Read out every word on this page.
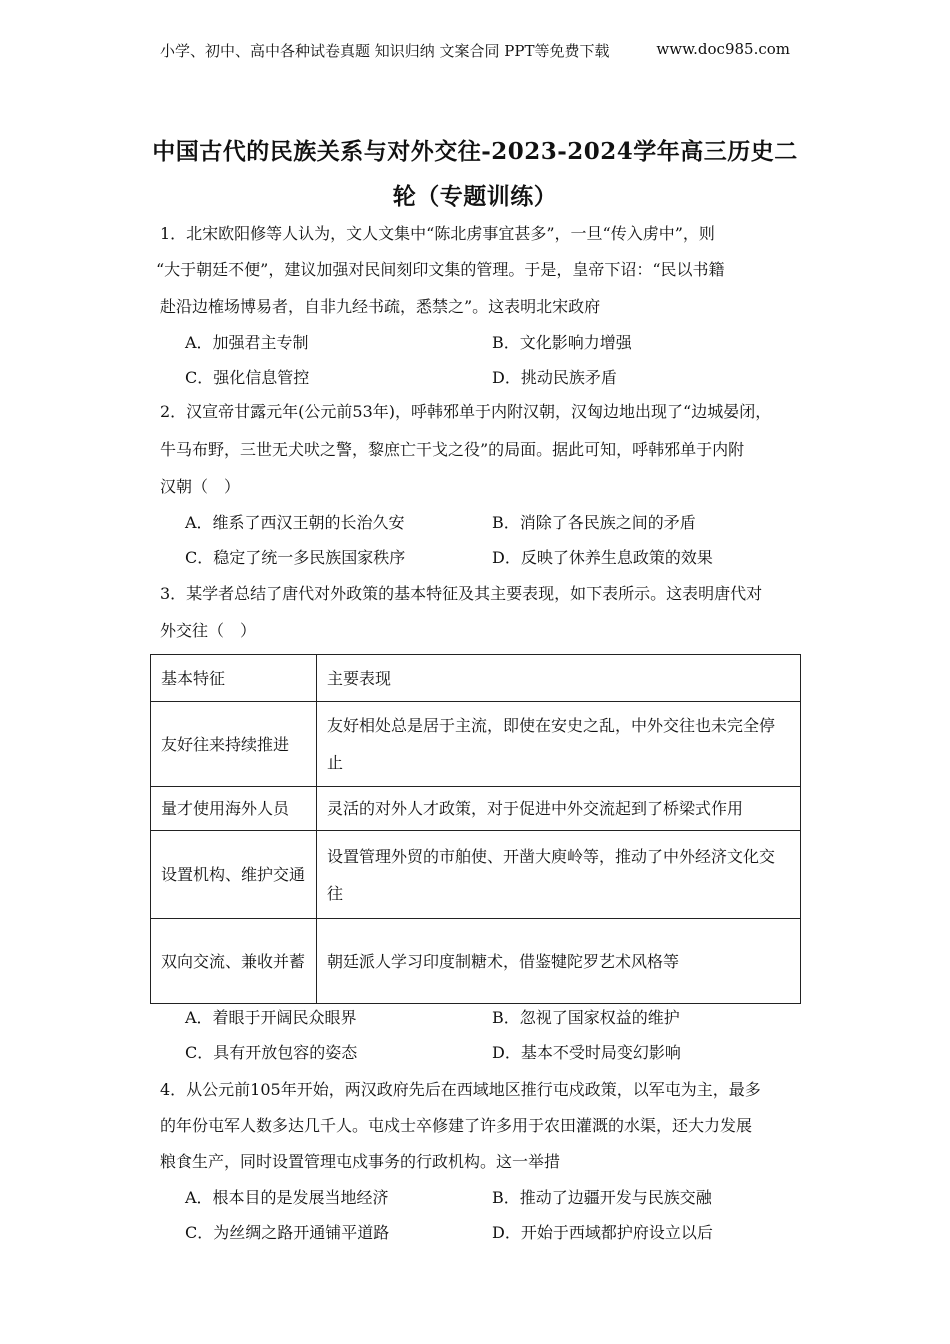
小学、初中、高中各种试卷真题 知识归纳 文案合同 PPT等免费下载	www.doc985.com
中国古代的民族关系与对外交往-2023-2024学年高三历史二
轮（专题训练）
1．北宋欧阳修等人认为，文人文集中“陈北虏事宜甚多”，一旦“传入虏中”，则
“大于朝廷不便”，建议加强对民间刻印文集的管理。于是，皇帝下诏：“民以书籍
赴沿边榷场博易者，自非九经书疏，悉禁之”。这表明北宋政府
A．加强君主专制	B．文化影响力增强
C．强化信息管控	D．挑动民族矛盾
2．汉宣帝甘露元年(公元前53年)，呼韩邪单于内附汉朝，汉匈边地出现了“边城晏闭，
牛马布野，三世无犬吠之警，黎庶亡干戈之役”的局面。据此可知，呼韩邪单于内附
汉朝（　）
A．维系了西汉王朝的长治久安	B．消除了各民族之间的矛盾
C．稳定了统一多民族国家秩序	D．反映了休养生息政策的效果
3．某学者总结了唐代对外政策的基本特征及其主要表现，如下表所示。这表明唐代对
外交往（　）
基本特征	主要表现
友好往来持续推进	友好相处总是居于主流，即使在安史之乱，中外交往也未完全停止
量才使用海外人员	灵活的对外人才政策，对于促进中外交流起到了桥梁式作用
设置机构、维护交通	设置管理外贸的市舶使、开凿大庾岭等，推动了中外经济文化交往
双向交流、兼收并蓄	朝廷派人学习印度制糖术，借鉴犍陀罗艺术风格等
A．着眼于开阔民众眼界	B．忽视了国家权益的维护
C．具有开放包容的姿态	D．基本不受时局变幻影响
4．从公元前105年开始，两汉政府先后在西域地区推行屯戍政策，以军屯为主，最多
的年份屯军人数多达几千人。屯戍士卒修建了许多用于农田灌溉的水渠，还大力发展
粮食生产，同时设置管理屯戍事务的行政机构。这一举措
A．根本目的是发展当地经济	B．推动了边疆开发与民族交融
C．为丝绸之路开通铺平道路	D．开始于西域都护府设立以后
